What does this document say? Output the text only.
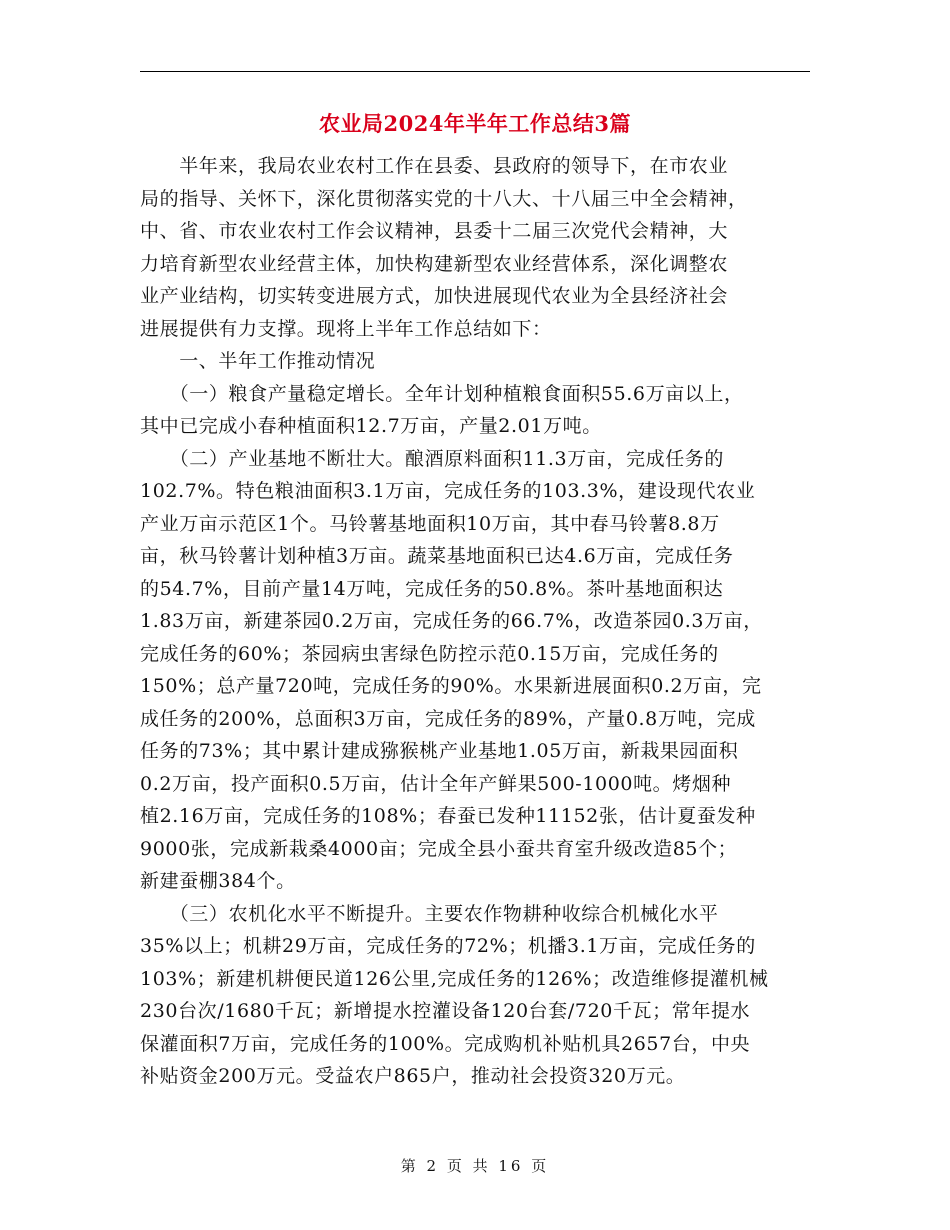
农业局2024年半年工作总结3篇
　　半年来，我局农业农村工作在县委、县政府的领导下，在市农业
局的指导、关怀下，深化贯彻落实党的十八大、十八届三中全会精神，
中、省、市农业农村工作会议精神，县委十二届三次党代会精神，大
力培育新型农业经营主体，加快构建新型农业经营体系，深化调整农
业产业结构，切实转变进展方式，加快进展现代农业为全县经济社会
进展提供有力支撑。现将上半年工作总结如下：
　　一、半年工作推动情况
　　（一）粮食产量稳定增长。全年计划种植粮食面积55.6万亩以上，
其中已完成小春种植面积12.7万亩，产量2.01万吨。
　　（二）产业基地不断壮大。酿酒原料面积11.3万亩，完成任务的
102.7%。特色粮油面积3.1万亩，完成任务的103.3%，建设现代农业
产业万亩示范区1个。马铃薯基地面积10万亩，其中春马铃薯8.8万
亩，秋马铃薯计划种植3万亩。蔬菜基地面积已达4.6万亩，完成任务
的54.7%，目前产量14万吨，完成任务的50.8%。茶叶基地面积达
1.83万亩，新建茶园0.2万亩，完成任务的66.7%，改造茶园0.3万亩，
完成任务的60%；茶园病虫害绿色防控示范0.15万亩，完成任务的
150%；总产量720吨，完成任务的90%。水果新进展面积0.2万亩，完
成任务的200%，总面积3万亩，完成任务的89%，产量0.8万吨，完成
任务的73%；其中累计建成猕猴桃产业基地1.05万亩，新栽果园面积
0.2万亩，投产面积0.5万亩，估计全年产鲜果500-1000吨。烤烟种
植2.16万亩，完成任务的108%；春蚕已发种11152张，估计夏蚕发种
9000张，完成新栽桑4000亩；完成全县小蚕共育室升级改造85个；
新建蚕棚384个。
　　（三）农机化水平不断提升。主要农作物耕种收综合机械化水平
35%以上；机耕29万亩，完成任务的72%；机播3.1万亩，完成任务的
103%；新建机耕便民道126公里,完成任务的126%；改造维修提灌机械
230台次/1680千瓦；新增提水控灌设备120台套/720千瓦；常年提水
保灌面积7万亩，完成任务的100%。完成购机补贴机具2657台，中央
补贴资金200万元。受益农户865户，推动社会投资320万元。
第 2 页 共 16 页
